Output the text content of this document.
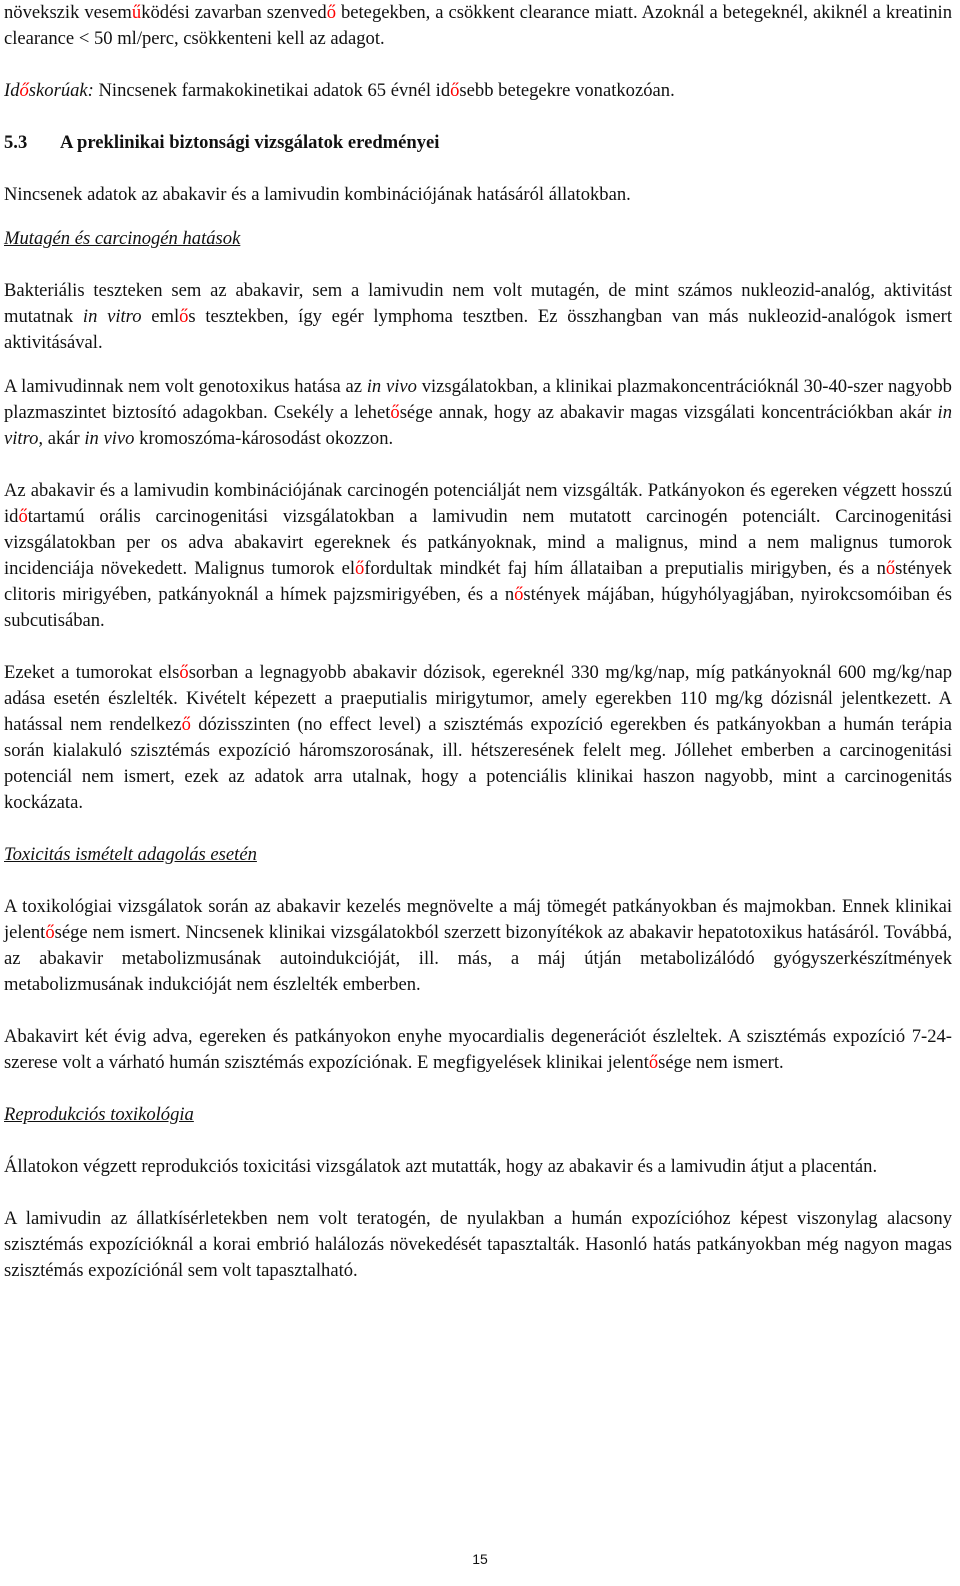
növekszik veseműködési zavarban szenvedő betegekben, a csökkent clearance miatt. Azoknál a betegeknél, akiknél a kreatinin clearance < 50 ml/perc, csökkenteni kell az adagot.

Időskorúak: Nincsenek farmakokinetikai adatok 65 évnél idősebb betegekre vonatkozóan.

5.3 A preklinikai biztonsági vizsgálatok eredményei

Nincsenek adatok az abakavir és a lamivudin kombinációjának hatásáról állatokban.

Mutagén és carcinogén hatások

Bakteriális teszteken sem az abakavir, sem a lamivudin nem volt mutagén, de mint számos nukleozid-analóg, aktivitást mutatnak in vitro emlős tesztekben, így egér lymphoma tesztben. Ez összhangban van más nukleozid-analógok ismert aktivitásával.

A lamivudinnak nem volt genotoxikus hatása az in vivo vizsgálatokban, a klinikai plazmakoncentrációknál 30-40-szer nagyobb plazmaszintet biztosító adagokban. Csekély a lehetősége annak, hogy az abakavir magas vizsgálati koncentrációkban akár in vitro, akár in vivo kromoszóma-károsodást okozzon.

Az abakavir és a lamivudin kombinációjának carcinogén potenciálját nem vizsgálták. Patkányokon és egereken végzett hosszú időtartamú orális carcinogenitási vizsgálatokban a lamivudin nem mutatott carcinogén potenciált. Carcinogenitási vizsgálatokban per os adva abakavirt egereknek és patkányoknak, mind a malignus, mind a nem malignus tumorok incidenciája növekedett. Malignus tumorok előfordultak mindkét faj hím állataiban a preputialis mirigyben, és a nőstények clitoris mirigyében, patkányoknál a hímek pajzsmirigyében, és a nőstények májában, húgyhólyagjában, nyirokcsomóiban és subcutisában.

Ezeket a tumorokat elsősorban a legnagyobb abakavir dózisok, egereknél 330 mg/kg/nap, míg patkányoknál 600 mg/kg/nap adása esetén észlelték. Kivételt képezett a praeputialis mirigytumor, amely egerekben 110 mg/kg dózisnál jelentkezett. A hatással nem rendelkező dózisszinten (no effect level) a szisztémás expozíció egerekben és patkányokban a humán terápia során kialakuló szisztémás expozíció háromszorosának, ill. hétszeresének felelt meg. Jóllehet emberben a carcinogenitási potenciál nem ismert, ezek az adatok arra utalnak, hogy a potenciális klinikai haszon nagyobb, mint a carcinogenitás kockázata.

Toxicitás ismételt adagolás esetén

A toxikológiai vizsgálatok során az abakavir kezelés megnövelte a máj tömegét patkányokban és majmokban. Ennek klinikai jelentősége nem ismert. Nincsenek klinikai vizsgálatokból szerzett bizonyítékok az abakavir hepatotoxikus hatásáról. Továbbá, az abakavir metabolizmusának autoindukcióját, ill. más, a máj útján metabolizálódó gyógyszerkészítmények metabolizmusának indukcióját nem észlelték emberben.

Abakavirt két évig adva, egereken és patkányokon enyhe myocardialis degenerációt észleltek. A szisztémás expozíció 7-24-szerese volt a várható humán szisztémás expozíciónak. E megfigyelések klinikai jelentősége nem ismert.

Reprodukciós toxikológia

Állatokon végzett reprodukciós toxicitási vizsgálatok azt mutatták, hogy az abakavir és a lamivudin átjut a placentán.

A lamivudin az állatkísérletekben nem volt teratogén, de nyulakban a humán expozícióhoz képest viszonylag alacsony szisztémás expozícióknál a korai embrió halálozás növekedését tapasztalták. Hasonló hatás patkányokban még nagyon magas szisztémás expozíciónál sem volt tapasztalható.

15
